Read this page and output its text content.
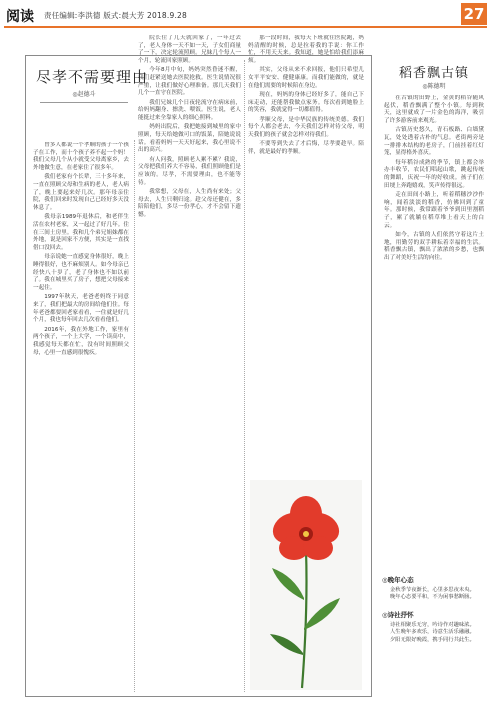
阅读 责任编辑:李洪德 版式:晨大芳 2018.9.28	27
尽孝不需要理由
◎赵德斗

曾多人都说一个孝顺的孩子一个孩子在工作，而十个孩子养不起一个妈！我们父母几个从小就受父母离家乡，去外地做生意，在老家住了很多年。

我们老家有个长辈，三十多年来，一直在照顾父母和生病的老人，老人病了，晚上要起来好几次。那年母亲住院，我们回来时发现自己已经好多天没休息了。

我母亲1989年退休后，和老伴生活在农村老家，又一起过了好几年。住在三间土房里。我和几个弟兄姐妹都在外地，说是回家不方便，其实是一直找借口没回去。

母亲说她一直感觉身体很好，晚上睡得很好，也不麻烦别人。如今母亲已经快八十岁了，老了身体也不如以前了。我在城里买了房子，想把父母接来一起住。

1997年秋天，老爸老妈终于同意来了，我们把最大的房间给他们住。每年老爸都要回老家看看，一住就是好几个月，我也每年回去几次看看他们。

2016年，我在外地工作，家里有两个孩子，一个上大学，一个读高中，我感觉每天都在忙，没有时间照顾父母，心里一直感到很愧疚。

院长住了几天就回家了，一年过去了，老人身体一天不如一天，子女们商量了一下，决定轮流照顾。兄妹几个每人一个月，轮流回家照顾。

今年8月中旬，妈妈突然昏迷不醒，我们赶紧送她去医院抢救。医生说情况很严重，让我们做好心理准备。那几天我们几个一直守在医院。

我们兄妹几个日夜轮流守在病床前，给妈妈翻身、擦洗、喂饭。医生说，老人能挺过来全靠家人的细心照料。

妈妈出院后，我把她接到城里的家中照顾，每天给她做可口的饭菜，陪她说说话。看着妈妈一天天好起来，我心里说不出的高兴。

有人问我，照顾老人累不累？我说，父母把我们养大不容易，我们照顾他们是应该的。尽孝，不需要理由，也不能等待。

我常想，父母在，人生尚有来处；父母去，人生只剩归途。趁父母还健在，多陪陪他们，多尽一份孝心，才不会留下遗憾。

那一段时间，我每天下班就往医院跑，妈妈清醒的时候，总是拉着我的手说：你工作忙，不用天天来。我知道，她是怕给我们添麻烦。

其实，父母从来不求回报，他们只希望儿女平平安安、健健康康。而我们能做的，就是在他们需要的时候陪在身边。

现在，妈妈的身体已经好多了，能自己下床走动，还能帮我做点家务。每次看到她脸上的笑容，我就觉得一切都值得。

孝顺父母，是中华民族的传统美德。我们每个人都会老去，今天我们怎样对待父母，明天我们的孩子就会怎样对待我们。

不要等到失去了才后悔，尽孝要趁早。陪伴，就是最好的孝顺。

稻香飘古镇
◎陈德明

在古镇的田野上，金黄的稻谷随风起伏，稻香飘满了整个小镇。每到秋天，这里就成了一片金色的海洋，吸引了许多游客前来观光。

古镇历史悠久，青石板路、白墙黛瓦，处处透着古朴的气息。老街两旁是一排排木结构的老房子，门前挂着红灯笼，显得格外喜庆。

每年稻谷成熟的季节，镇上都会举办丰收节，农民们唱起山歌，跳起传统的舞蹈，庆祝一年的好收成。孩子们在田埂上奔跑嬉戏，笑声传得很远。

走在田间小路上，听着稻穗沙沙作响，闻着淡淡的稻香，仿佛回到了童年。那时候，我常跟着爷爷到田里割稻子，累了就躺在稻草堆上看天上的白云。

如今，古镇的人们依然守着这片土地，用勤劳的双手耕耘着幸福的生活。稻香飘古镇，飘出了浓浓的乡愁，也飘出了对美好生活的向往。

◎晚年心态
金秋季节夜渐长，心里多思夜未央。
晚年心态要平和，不为闲事愁断肠。
◎诗社抒怀
诗社相聚乐无穷，吟诗作对趣味浓。
人生晚年多欢乐，诗意生活乐融融。
夕阳无限好晚霞，携手同行共此生。
